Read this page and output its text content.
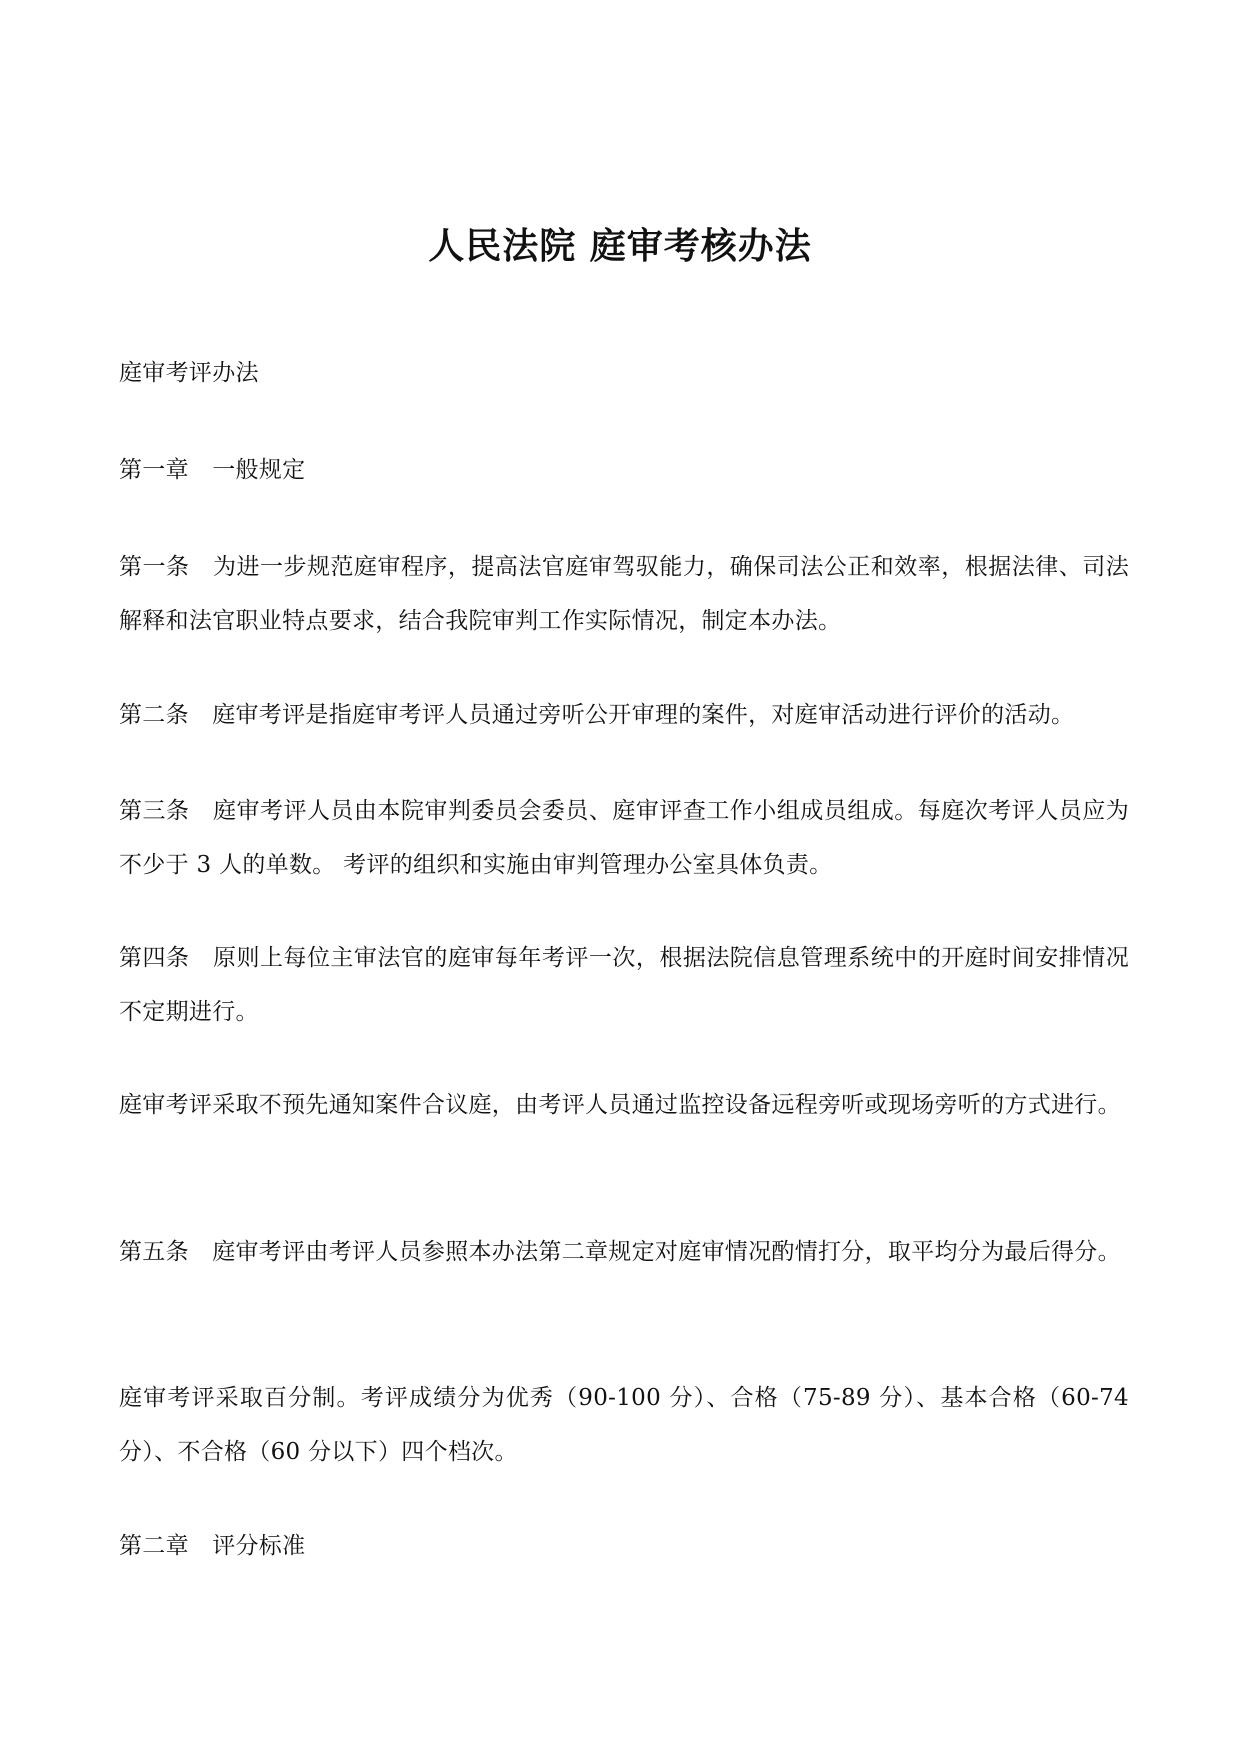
人民法院 庭审考核办法

庭审考评办法

第一章　一般规定

第一条　为进一步规范庭审程序，提高法官庭审驾驭能力，确保司法公正和效率，根据法律、司法解释和法官职业特点要求，结合我院审判工作实际情况，制定本办法。

第二条　庭审考评是指庭审考评人员通过旁听公开审理的案件，对庭审活动进行评价的活动。

第三条　庭审考评人员由本院审判委员会委员、庭审评查工作小组成员组成。每庭次考评人员应为不少于 3 人的单数。 考评的组织和实施由审判管理办公室具体负责。

第四条　原则上每位主审法官的庭审每年考评一次，根据法院信息管理系统中的开庭时间安排情况不定期进行。

庭审考评采取不预先通知案件合议庭，由考评人员通过监控设备远程旁听或现场旁听的方式进行。

第五条　庭审考评由考评人员参照本办法第二章规定对庭审情况酌情打分，取平均分为最后得分。

庭审考评采取百分制。考评成绩分为优秀（90-100 分）、合格（75-89 分）、基本合格（60-74 分）、不合格（60 分以下）四个档次。

第二章　评分标准
